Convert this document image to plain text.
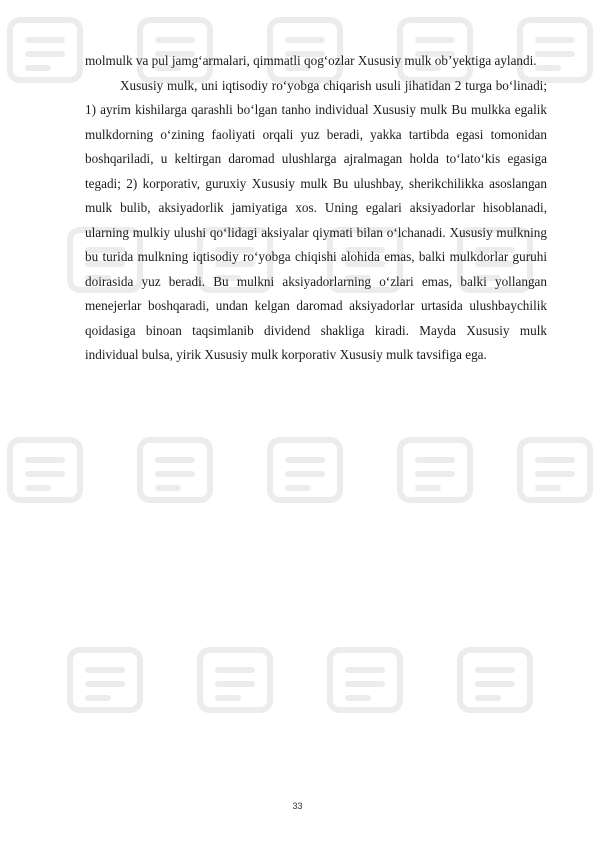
molmulk va pul jamg‘armalari, qimmatli qog‘ozlar Xususiy mulk ob’yektiga aylandi.

Xususiy mulk, uni iqtisodiy ro‘yobga chiqarish usuli jihatidan 2 turga bo‘linadi; 1) ayrim kishilarga qarashli bo‘lgan tanho individual Xususiy mulk Bu mulkka egalik mulkdorning o‘zining faoliyati orqali yuz beradi, yakka tartibda egasi tomonidan boshqariladi, u keltirgan daromad ulushlarga ajralmagan holda to‘lato‘kis egasiga tegadi; 2) korporativ, guruxiy Xususiy mulk Bu ulushbay, sherikchilikka asoslangan mulk bulib, aksiyadorlik jamiyatiga xos. Uning egalari aksiyadorlar hisoblanadi, ularning mulkiy ulushi qo‘lidagi aksiyalar qiymati bilan o‘lchanadi. Xususiy mulkning bu turida mulkning iqtisodiy ro‘yobga chiqishi alohida emas, balki mulkdorlar guruhi doirasida yuz beradi. Bu mulkni aksiyadorlarning o‘zlari emas, balki yollangan menejerlar boshqaradi, undan kelgan daromad aksiyadorlar urtasida ulushbaychilik qoidasiga binoan taqsimlanib dividend shakliga kiradi. Mayda Xususiy mulk individual bulsa, yirik Xususiy mulk korporativ Xususiy mulk tavsifiga ega.

33
